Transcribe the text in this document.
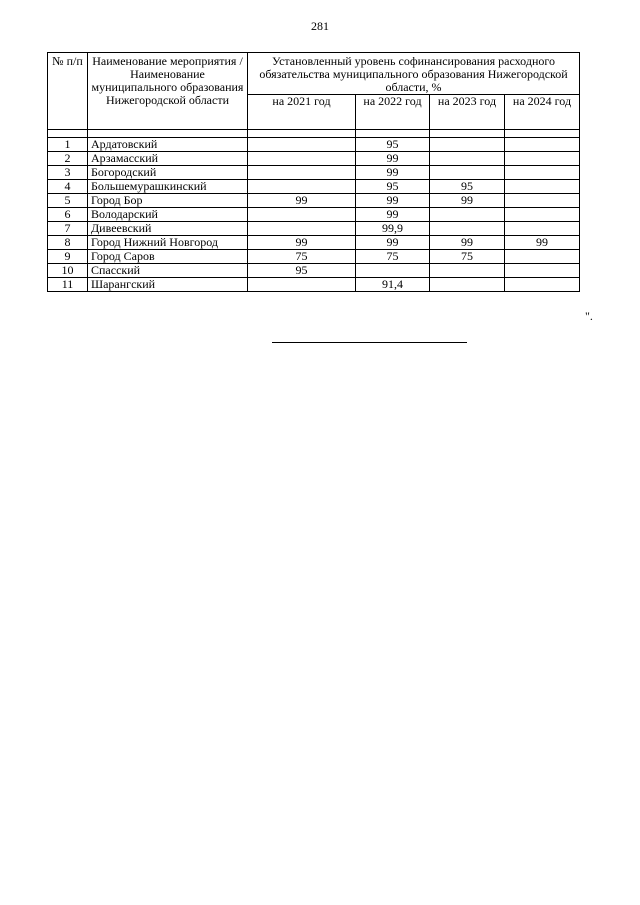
281
№ п/п	Наименование мероприятия / Наименование муниципального образования Нижегородской области	Установленный уровень софинансирования расходного обязательства муниципального образования Нижегородской области, %			
		на 2021 год	на 2022 год	на 2023 год	на 2024 год

1	Ардатовский		95		
2	Арзамасский		99		
3	Богородский		99		
4	Большемурашкинский		95	95	
5	Город Бор	99	99	99	
6	Володарский		99		
7	Дивеевский		99,9		
8	Город Нижний Новгород	99	99	99	99
9	Город Саров	75	75	75	
10	Спасский	95			
11	Шарангский		91,4		
".
